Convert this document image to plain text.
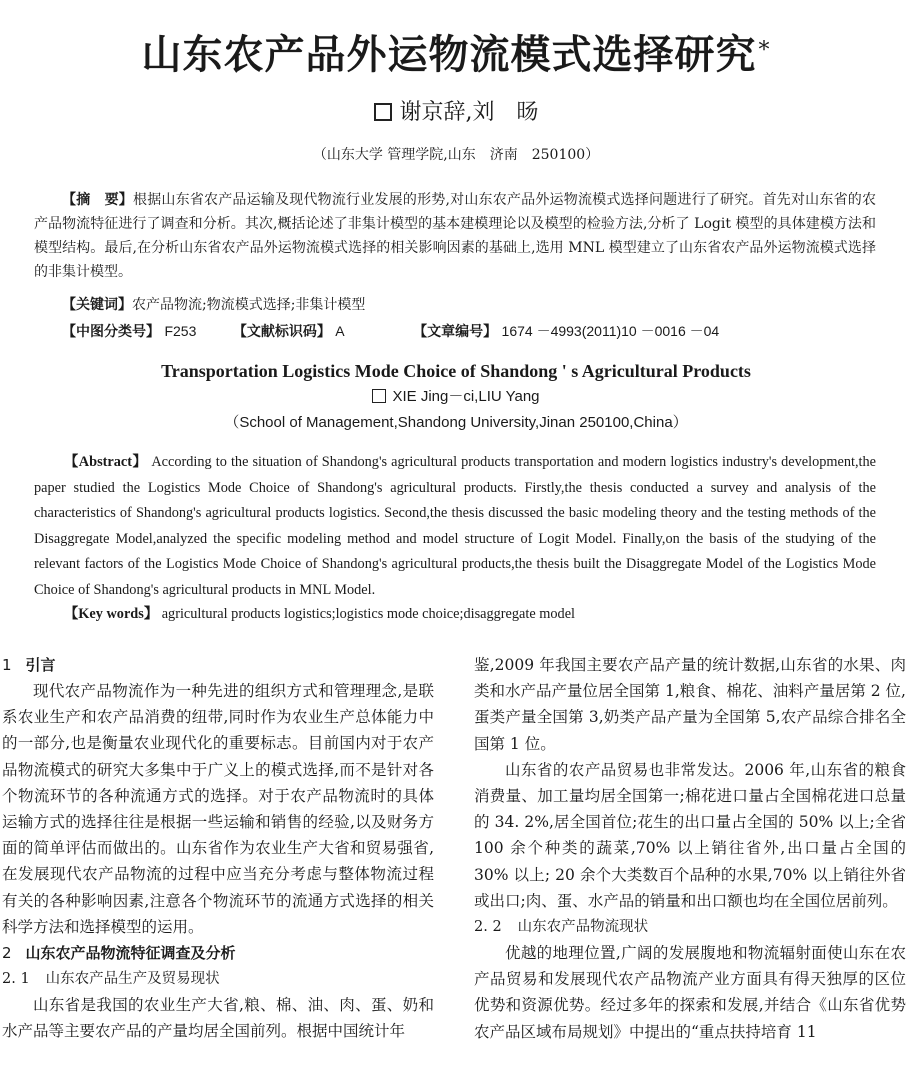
山东农产品外运物流模式选择研究*
谢京辞,刘　旸
（山东大学 管理学院,山东　济南　250100）
【摘　要】根据山东省农产品运输及现代物流行业发展的形势,对山东农产品外运物流模式选择问题进行了研究。首先对山东省的农产品物流特征进行了调查和分析。其次,概括论述了非集计模型的基本建模理论以及模型的检验方法,分析了 Logit 模型的具体建模方法和模型结构。最后,在分析山东省农产品外运物流模式选择的相关影响因素的基础上,选用 MNL 模型建立了山东省农产品外运物流模式选择的非集计模型。
【关键词】农产品物流;物流模式选择;非集计模型
【中图分类号】 F253	【文献标识码】 A	【文章编号】 1674 －4993(2011)10 －0016 －04
Transportation Logistics Mode Choice of Shandong ' s Agricultural Products
XIE Jing－ci,LIU Yang
（School of Management,Shandong University,Jinan 250100,China）
【Abstract】 According to the situation of Shandong's agricultural products transportation and modern logistics industry's development,the paper studied the Logistics Mode Choice of Shandong's agricultural products. Firstly,the thesis conducted a survey and analysis of the characteristics of Shandong's agricultural products logistics. Second,the thesis discussed the basic modeling theory and the testing methods of the Disaggregate Model,analyzed the specific modeling method and model structure of Logit Model. Finally,on the basis of the studying of the relevant factors of the Logistics Mode Choice of Shandong's agricultural products,the thesis built the Disaggregate Model of the Logistics Mode Choice of Shandong's agricultural products in MNL Model.
【Key words】 agricultural products logistics;logistics mode choice;disaggregate model
1 引言

现代农产品物流作为一种先进的组织方式和管理理念,是联系农业生产和农产品消费的纽带,同时作为农业生产总体能力中的一部分,也是衡量农业现代化的重要标志。目前国内对于农产品物流模式的研究大多集中于广义上的模式选择,而不是针对各个物流环节的各种流通方式的选择。对于农产品物流时的具体运输方式的选择往往是根据一些运输和销售的经验,以及财务方面的简单评估而做出的。山东省作为农业生产大省和贸易强省,在发展现代农产品物流的过程中应当充分考虑与整体物流过程有关的各种影响因素,注意各个物流环节的流通方式选择的相关科学方法和选择模型的运用。

2 山东农产品物流特征调查及分析
2. 1 山东农产品生产及贸易现状

山东省是我国的农业生产大省,粮、棉、油、肉、蛋、奶和水产品等主要农产品的产量均居全国前列。根据中国统计年

鉴,2009 年我国主要农产品产量的统计数据,山东省的水果、肉类和水产品产量位居全国第 1,粮食、棉花、油料产量居第 2 位,蛋类产量全国第 3,奶类产品产量为全国第 5,农产品综合排名全国第 1 位。

山东省的农产品贸易也非常发达。2006 年,山东省的粮食消费量、加工量均居全国第一;棉花进口量占全国棉花进口总量的 34. 2%,居全国首位;花生的出口量占全国的 50% 以上;全省 100 余个种类的蔬菜,70% 以上销往省外,出口量占全国的 30% 以上; 20 余个大类数百个品种的水果,70% 以上销往外省或出口;肉、蛋、水产品的销量和出口额也均在全国位居前列。

2. 2 山东农产品物流现状

优越的地理位置,广阔的发展腹地和物流辐射面使山东在农产品贸易和发展现代农产品物流产业方面具有得天独厚的区位优势和资源优势。经过多年的探索和发展,并结合《山东省优势农产品区域布局规划》中提出的“重点扶持培育 11
